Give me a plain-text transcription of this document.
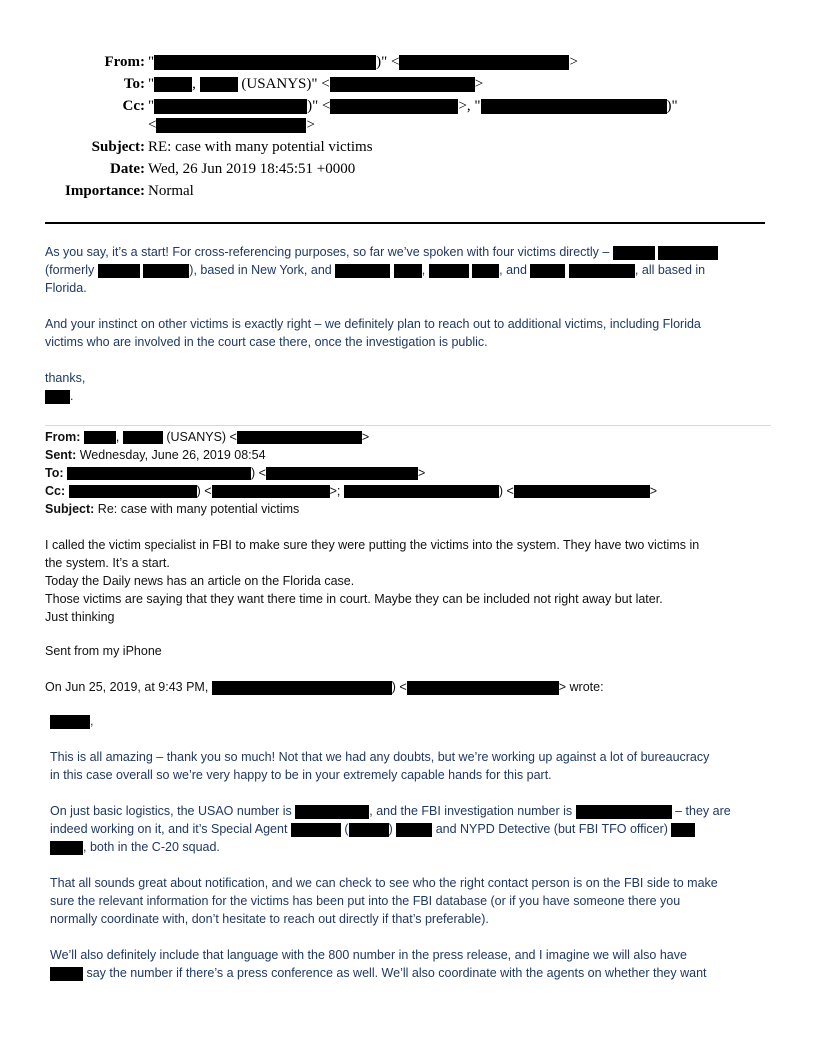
From: "	)" <	>
To: "	,	(USANYS)" <	>
Cc: "	)" <	>, "	)"
<	>
Subject: RE: case with many potential victims
Date: Wed, 26 Jun 2019 18:45:51 +0000
Importance: Normal
As you say, it’s a start! For cross-referencing purposes, so far we’ve spoken with four victims directly –
(formerly	), based in New York, and	,	, and	, all based in
Florida.
And your instinct on other victims is exactly right – we definitely plan to reach out to additional victims, including Florida
victims who are involved in the court case there, once the investigation is public.
thanks,
.
From:	,	(USANYS) <	>
Sent: Wednesday, June 26, 2019 08:54
To:	) <	>
Cc:	) <	>;	) <	>
Subject: Re: case with many potential victims
I called the victim specialist in FBI to make sure they were putting the victims into the system. They have two victims in
the system. It’s a start.
Today the Daily news has an article on the Florida case.
Those victims are saying that they want there time in court. Maybe they can be included not right away but later.
Just thinking
Sent from my iPhone
On Jun 25, 2019, at 9:43 PM,	) <	> wrote:
,
This is all amazing – thank you so much! Not that we had any doubts, but we’re working up against a lot of bureaucracy
in this case overall so we’re very happy to be in your extremely capable hands for this part.
On just basic logistics, the USAO number is	, and the FBI investigation number is	– they are
indeed working on it, and it’s Special Agent	(	)	and NYPD Detective (but FBI TFO officer)
, both in the C-20 squad.
That all sounds great about notification, and we can check to see who the right contact person is on the FBI side to make
sure the relevant information for the victims has been put into the FBI database (or if you have someone there you
normally coordinate with, don’t hesitate to reach out directly if that’s preferable).
We’ll also definitely include that language with the 800 number in the press release, and I imagine we will also have
say the number if there’s a press conference as well. We’ll also coordinate with the agents on whether they want
